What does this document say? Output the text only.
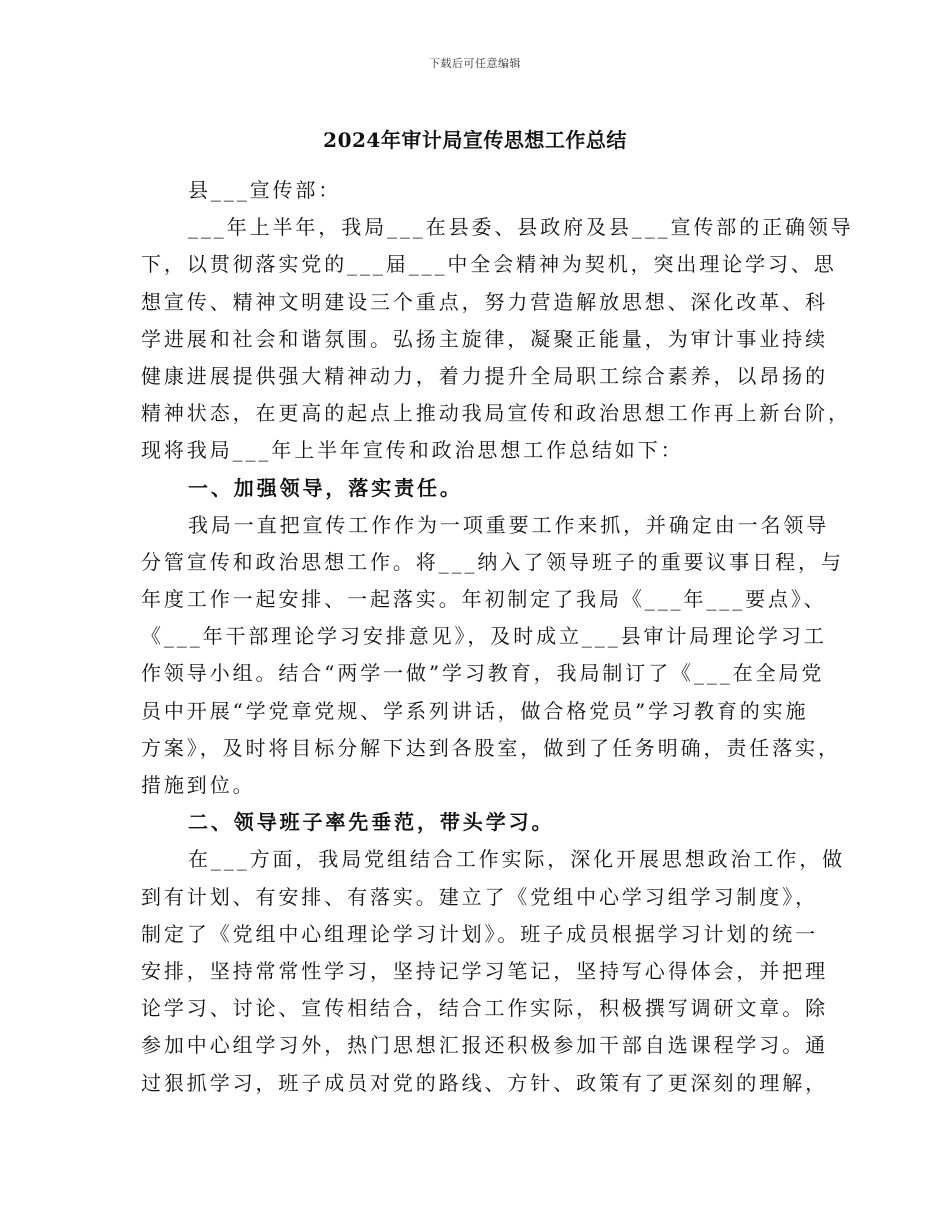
下载后可任意编辑
2024年审计局宣传思想工作总结
县___宣传部：
___年上半年，我局___在县委、县政府及县___宣传部的正确领导
下，以贯彻落实党的___届___中全会精神为契机，突出理论学习、思
想宣传、精神文明建设三个重点，努力营造解放思想、深化改革、科
学进展和社会和谐氛围。弘扬主旋律，凝聚正能量，为审计事业持续
健康进展提供强大精神动力，着力提升全局职工综合素养，以昂扬的
精神状态，在更高的起点上推动我局宣传和政治思想工作再上新台阶，
现将我局___年上半年宣传和政治思想工作总结如下：
一、加强领导，落实责任。
我局一直把宣传工作作为一项重要工作来抓，并确定由一名领导
分管宣传和政治思想工作。将___纳入了领导班子的重要议事日程，与
年度工作一起安排、一起落实。年初制定了我局《___年___要点》、
《___年干部理论学习安排意见》，及时成立___县审计局理论学习工
作领导小组。结合“两学一做”学习教育，我局制订了《___在全局党
员中开展“学党章党规、学系列讲话，做合格党员”学习教育的实施
方案》，及时将目标分解下达到各股室，做到了任务明确，责任落实，
措施到位。
二、领导班子率先垂范，带头学习。
在___方面，我局党组结合工作实际，深化开展思想政治工作，做
到有计划、有安排、有落实。建立了《党组中心学习组学习制度》，
制定了《党组中心组理论学习计划》。班子成员根据学习计划的统一
安排，坚持常常性学习，坚持记学习笔记，坚持写心得体会，并把理
论学习、讨论、宣传相结合，结合工作实际，积极撰写调研文章。除
参加中心组学习外，热门思想汇报还积极参加干部自选课程学习。通
过狠抓学习，班子成员对党的路线、方针、政策有了更深刻的理解，
